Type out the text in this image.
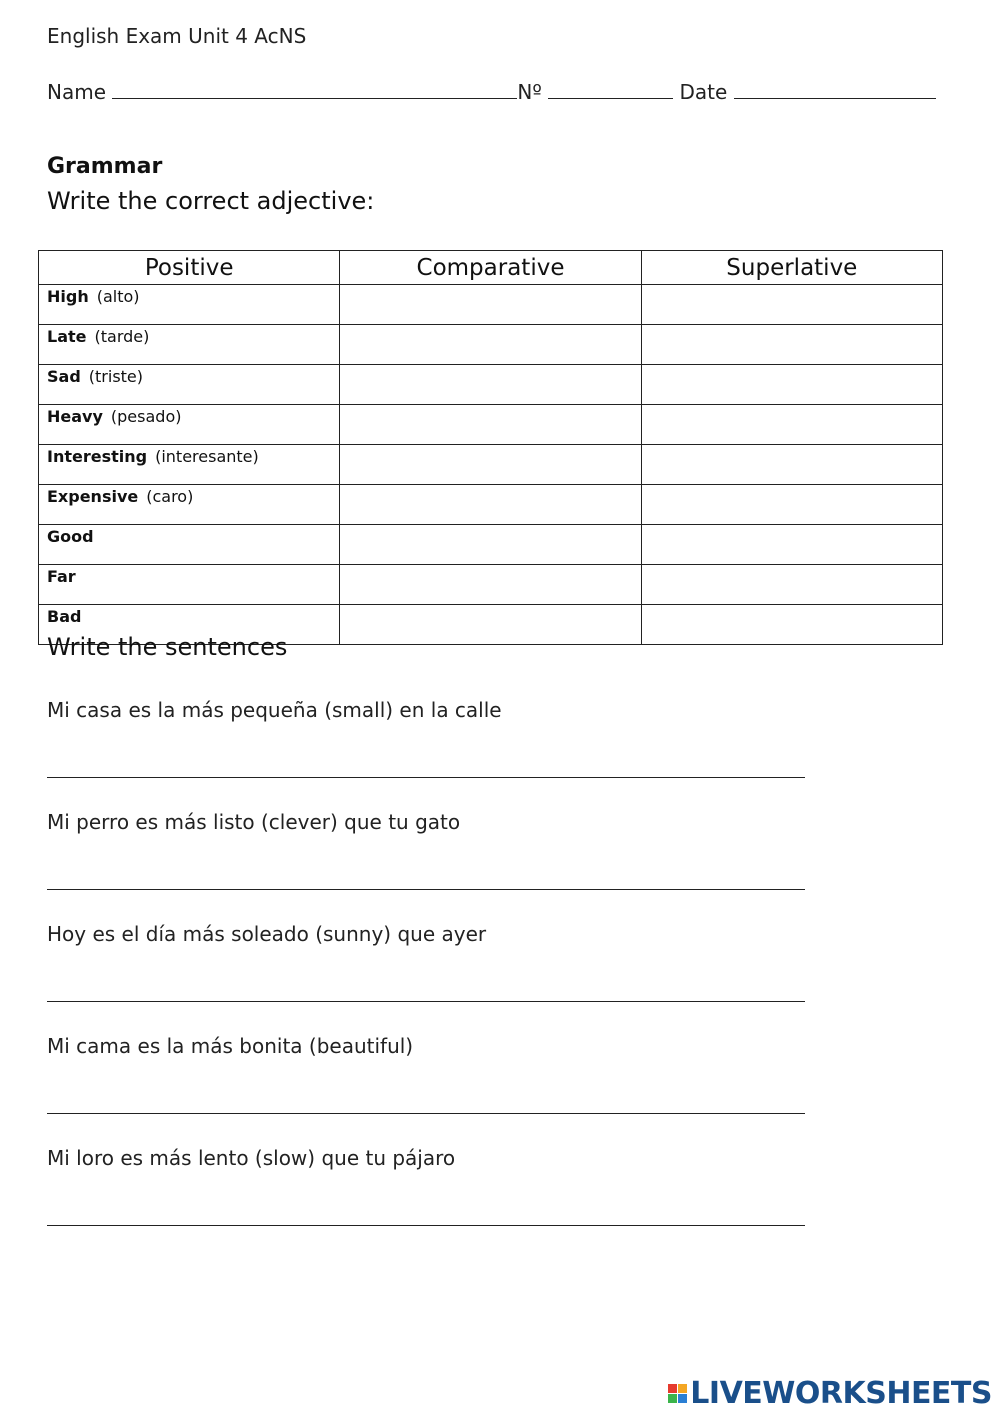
English Exam Unit 4 AcNS
Name	Nº	Date
Grammar
Write the correct adjective:
Positive	Comparative	Superlative
High (alto)		
Late (tarde)		
Sad (triste)		
Heavy (pesado)		
Interesting (interesante)		
Expensive (caro)		
Good		
Far		
Bad		
Write the sentences
Mi casa es la más pequeña (small) en la calle
Mi perro es más listo (clever) que tu gato
Hoy es el día más soleado (sunny) que ayer
Mi cama es la más bonita (beautiful)
Mi loro es más lento (slow) que tu pájaro
LIVEWORKSHEETS
